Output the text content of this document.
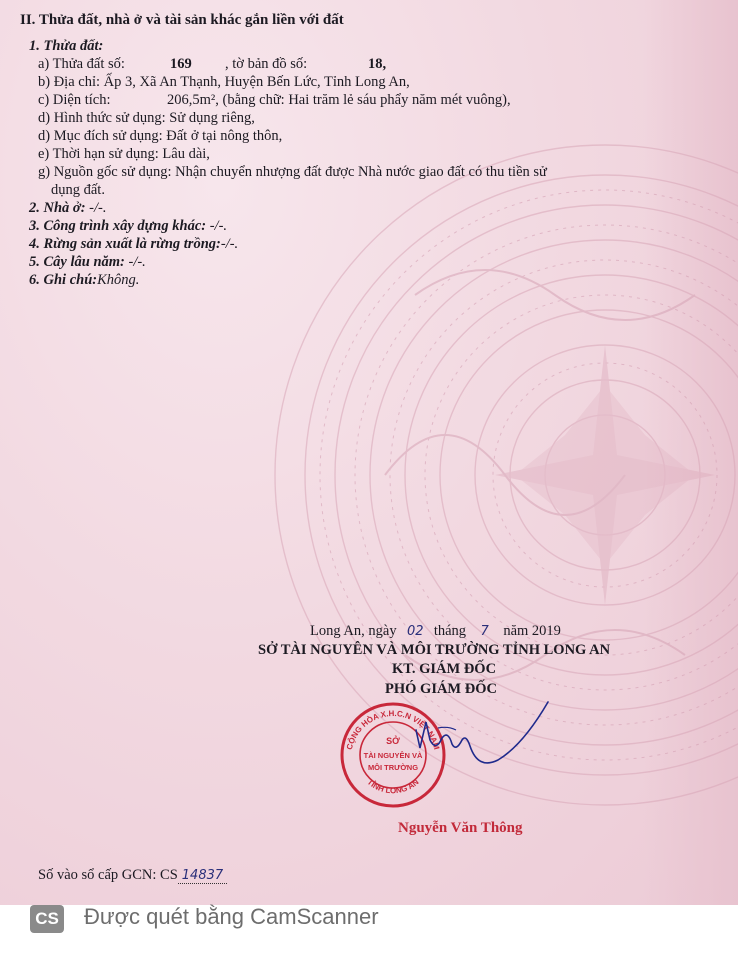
II. Thửa đất, nhà ở và tài sản khác gắn liền với đất
1. Thửa đất:
a) Thửa đất số:	169 , tờ bản đồ số:	18,
b) Địa chỉ: Ấp 3, Xã An Thạnh, Huyện Bến Lức, Tỉnh Long An,
c) Diện tích:	206,5m², (bằng chữ: Hai trăm lẻ sáu phẩy năm mét vuông),
d) Hình thức sử dụng: Sử dụng riêng,
d) Mục đích sử dụng: Đất ở tại nông thôn,
e) Thời hạn sử dụng: Lâu dài,
g) Nguồn gốc sử dụng: Nhận chuyển nhượng đất được Nhà nước giao đất có thu tiền sử
dụng đất.
2. Nhà ở: -/-.
3. Công trình xây dựng khác: -/-.
4. Rừng sản xuất là rừng trồng:-/-.
5. Cây lâu năm: -/-.
6. Ghi chú:Không.
Long An, ngày 02 tháng 7 năm 2019
SỞ TÀI NGUYÊN VÀ MÔI TRƯỜNG TỈNH LONG AN
KT. GIÁM ĐỐC
PHÓ GIÁM ĐỐC
CỘNG HÒA X.H.C.N VIỆT NAM
TỈNH LONG AN
SỞ
TÀI NGUYÊN VÀ
MÔI TRƯỜNG
Nguyễn Văn Thông
Số vào sổ cấp GCN: CS 14837
CS Được quét bằng CamScanner
